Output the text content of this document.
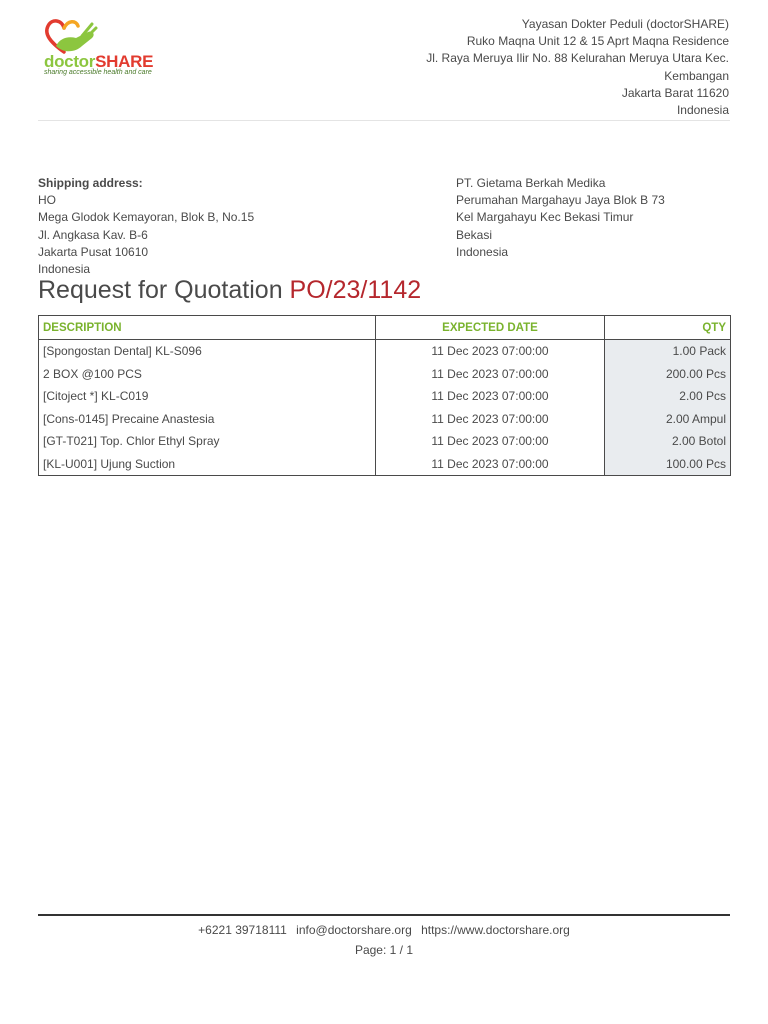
doctorSHARE
sharing accessible health and care
Yayasan Dokter Peduli (doctorSHARE)
Ruko Maqna Unit 12 & 15 Aprt Maqna Residence
Jl. Raya Meruya Ilir No. 88 Kelurahan Meruya Utara Kec.
Kembangan
Jakarta Barat 11620
Indonesia
Shipping address:
HO
Mega Glodok Kemayoran, Blok B, No.15
Jl. Angkasa Kav. B-6
Jakarta Pusat 10610
Indonesia
PT. Gietama Berkah Medika
Perumahan Margahayu Jaya Blok B 73
Kel Margahayu Kec Bekasi Timur
Bekasi
Indonesia
Request for Quotation PO/23/1142
DESCRIPTION	EXPECTED DATE	QTY
[Spongostan Dental] KL-S096	11 Dec 2023 07:00:00	1.00 Pack
2 BOX @100 PCS	11 Dec 2023 07:00:00	200.00 Pcs
[Citoject *] KL-C019	11 Dec 2023 07:00:00	2.00 Pcs
[Cons-0145] Precaine Anastesia	11 Dec 2023 07:00:00	2.00 Ampul
[GT-T021] Top. Chlor Ethyl Spray	11 Dec 2023 07:00:00	2.00 Botol
[KL-U001] Ujung Suction	11 Dec 2023 07:00:00	100.00 Pcs
+6221 39718111 info@doctorshare.org https://www.doctorshare.org
Page: 1 / 1
